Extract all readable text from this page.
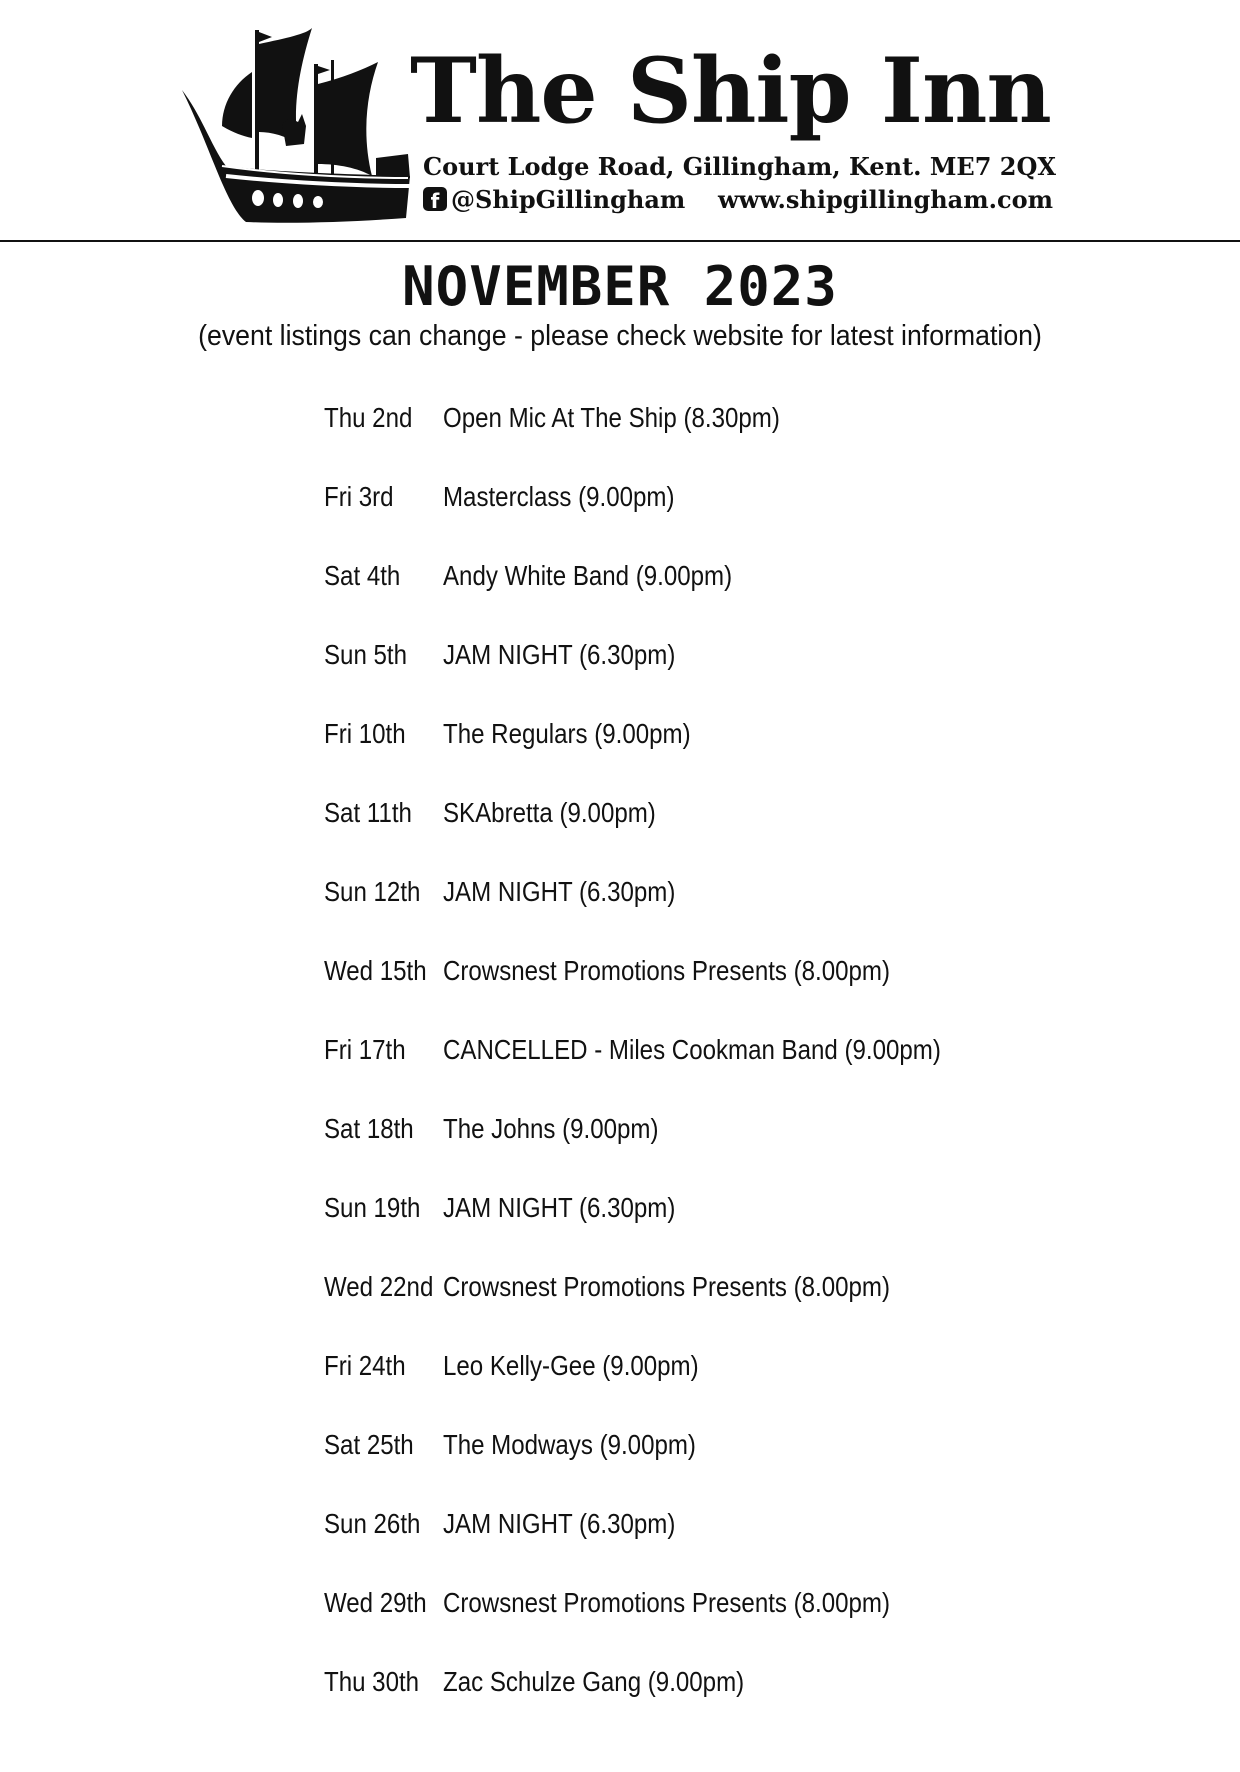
The Ship Inn
Court Lodge Road, Gillingham, Kent. ME7 2QX
f @ShipGillingham www.shipgillingham.com
NOVEMBER 2023
(event listings can change - please check website for latest information)
Thu 2nd	Open Mic At The Ship (8.30pm)
Fri 3rd	Masterclass (9.00pm)
Sat 4th	Andy White Band (9.00pm)
Sun 5th	JAM NIGHT (6.30pm)
Fri 10th	The Regulars (9.00pm)
Sat 11th	SKAbretta (9.00pm)
Sun 12th JAM NIGHT (6.30pm)
Wed 15th Crowsnest Promotions Presents (8.00pm)
Fri 17th	CANCELLED - Miles Cookman Band (9.00pm)
Sat 18th	The Johns (9.00pm)
Sun 19th JAM NIGHT (6.30pm)
Wed 22nd Crowsnest Promotions Presents (8.00pm)
Fri 24th	Leo Kelly-Gee (9.00pm)
Sat 25th	The Modways (9.00pm)
Sun 26th JAM NIGHT (6.30pm)
Wed 29th Crowsnest Promotions Presents (8.00pm)
Thu 30th Zac Schulze Gang (9.00pm)
